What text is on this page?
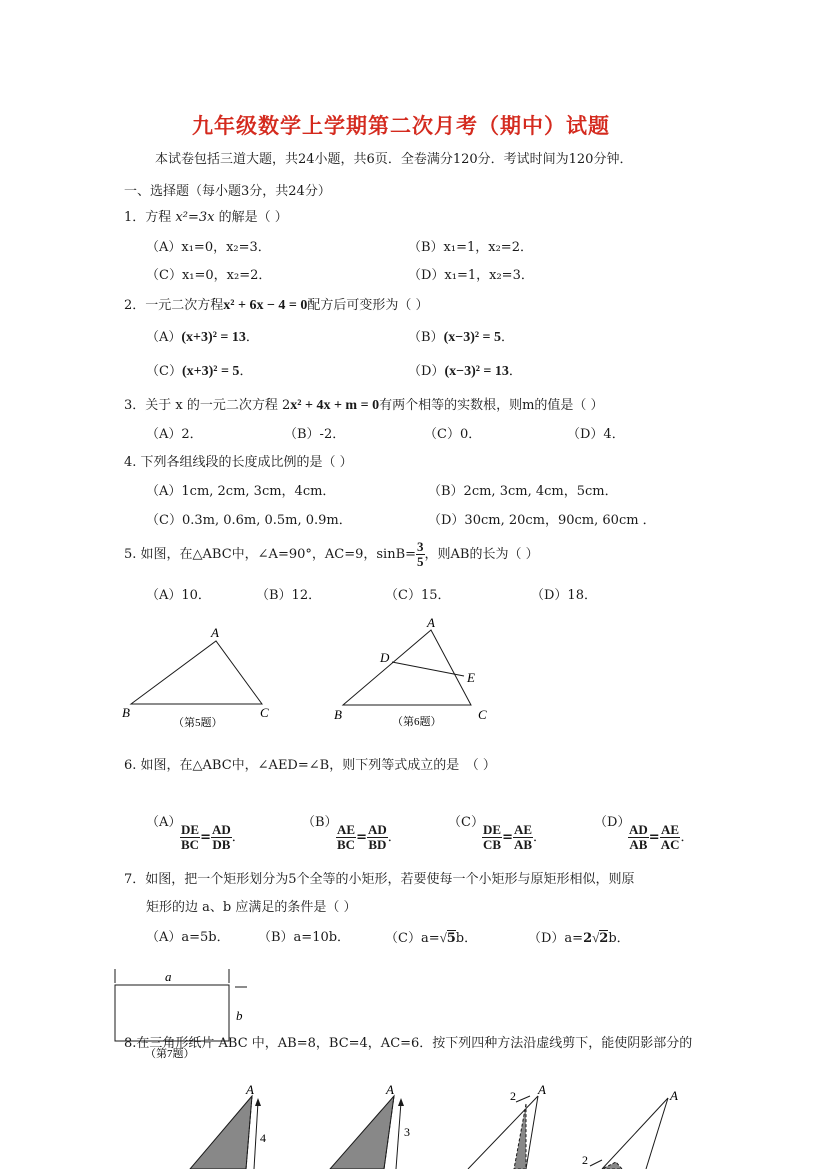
九年级数学上学期第二次月考（期中）试题
本试卷包括三道大题，共24小题，共6页．全卷满分120分．考试时间为120分钟．
一、选择题（每小题3分，共24分）
1．方程 x²=3x 的解是（ ）
（A）x₁=0，x₂=3．	（B）x₁=1，x₂=2．
（C）x₁=0，x₂=2．	（D）x₁=1，x₂=3．
2．一元二次方程x² + 6x − 4 = 0配方后可变形为（ ）
（A）(x+3)² = 13．	（B）(x−3)² = 5．
（C）(x+3)² = 5．	（D）(x−3)² = 13．
3．关于 x 的一元二次方程 2x² + 4x + m = 0有两个相等的实数根，则m的值是（ ）
（A）2．	（B）-2．	（C）0．	（D）4．
4. 下列各组线段的长度成比例的是（ ）
（A）1cm, 2cm, 3cm，4cm．	（B）2cm, 3cm, 4cm，5cm．
（C）0.3m, 0.6m, 0.5m, 0.9m．	（D）30cm, 20cm，90cm, 60cm ．
5. 如图，在△ABC中，∠A=90°，AC=9，$\sin B= \frac{3}{5}$ ，则AB的长为（ ）
（A）10．	（B）12．	（C）15．	（D）18．
A
B	C
（第5题）
A
D
E
B	C
（第6题）
6. 如图，在△ABC中，∠AED=∠B，则下列等式成立的是　（ ）
（A）
$\frac{DE}{BC} = \frac{AD}{DB}$ ．
（B）
$\frac{AE}{BC} = \frac{AD}{BD}$ ．
（C）
$\frac{DE}{CB} = \frac{AE}{AB}$ ．
（D）
$\frac{AD}{AB} = \frac{AE}{AC}$ ．
7．如图，把一个矩形划分为5个全等的小矩形，若要使每一个小矩形与原矩形相似，则原
矩形的边 a、b 应满足的条件是（ ）
（A）a=5b． （B）a=10b．	（C）a=√5b．	（D）a=2√2b．
a
b
（第7题）
8.在三角形纸片 ABC 中，AB=8，BC=4，AC=6．按下列四种方法沿虚线剪下，能使阴影部分的
A
4
A
3
A
2	A
2
